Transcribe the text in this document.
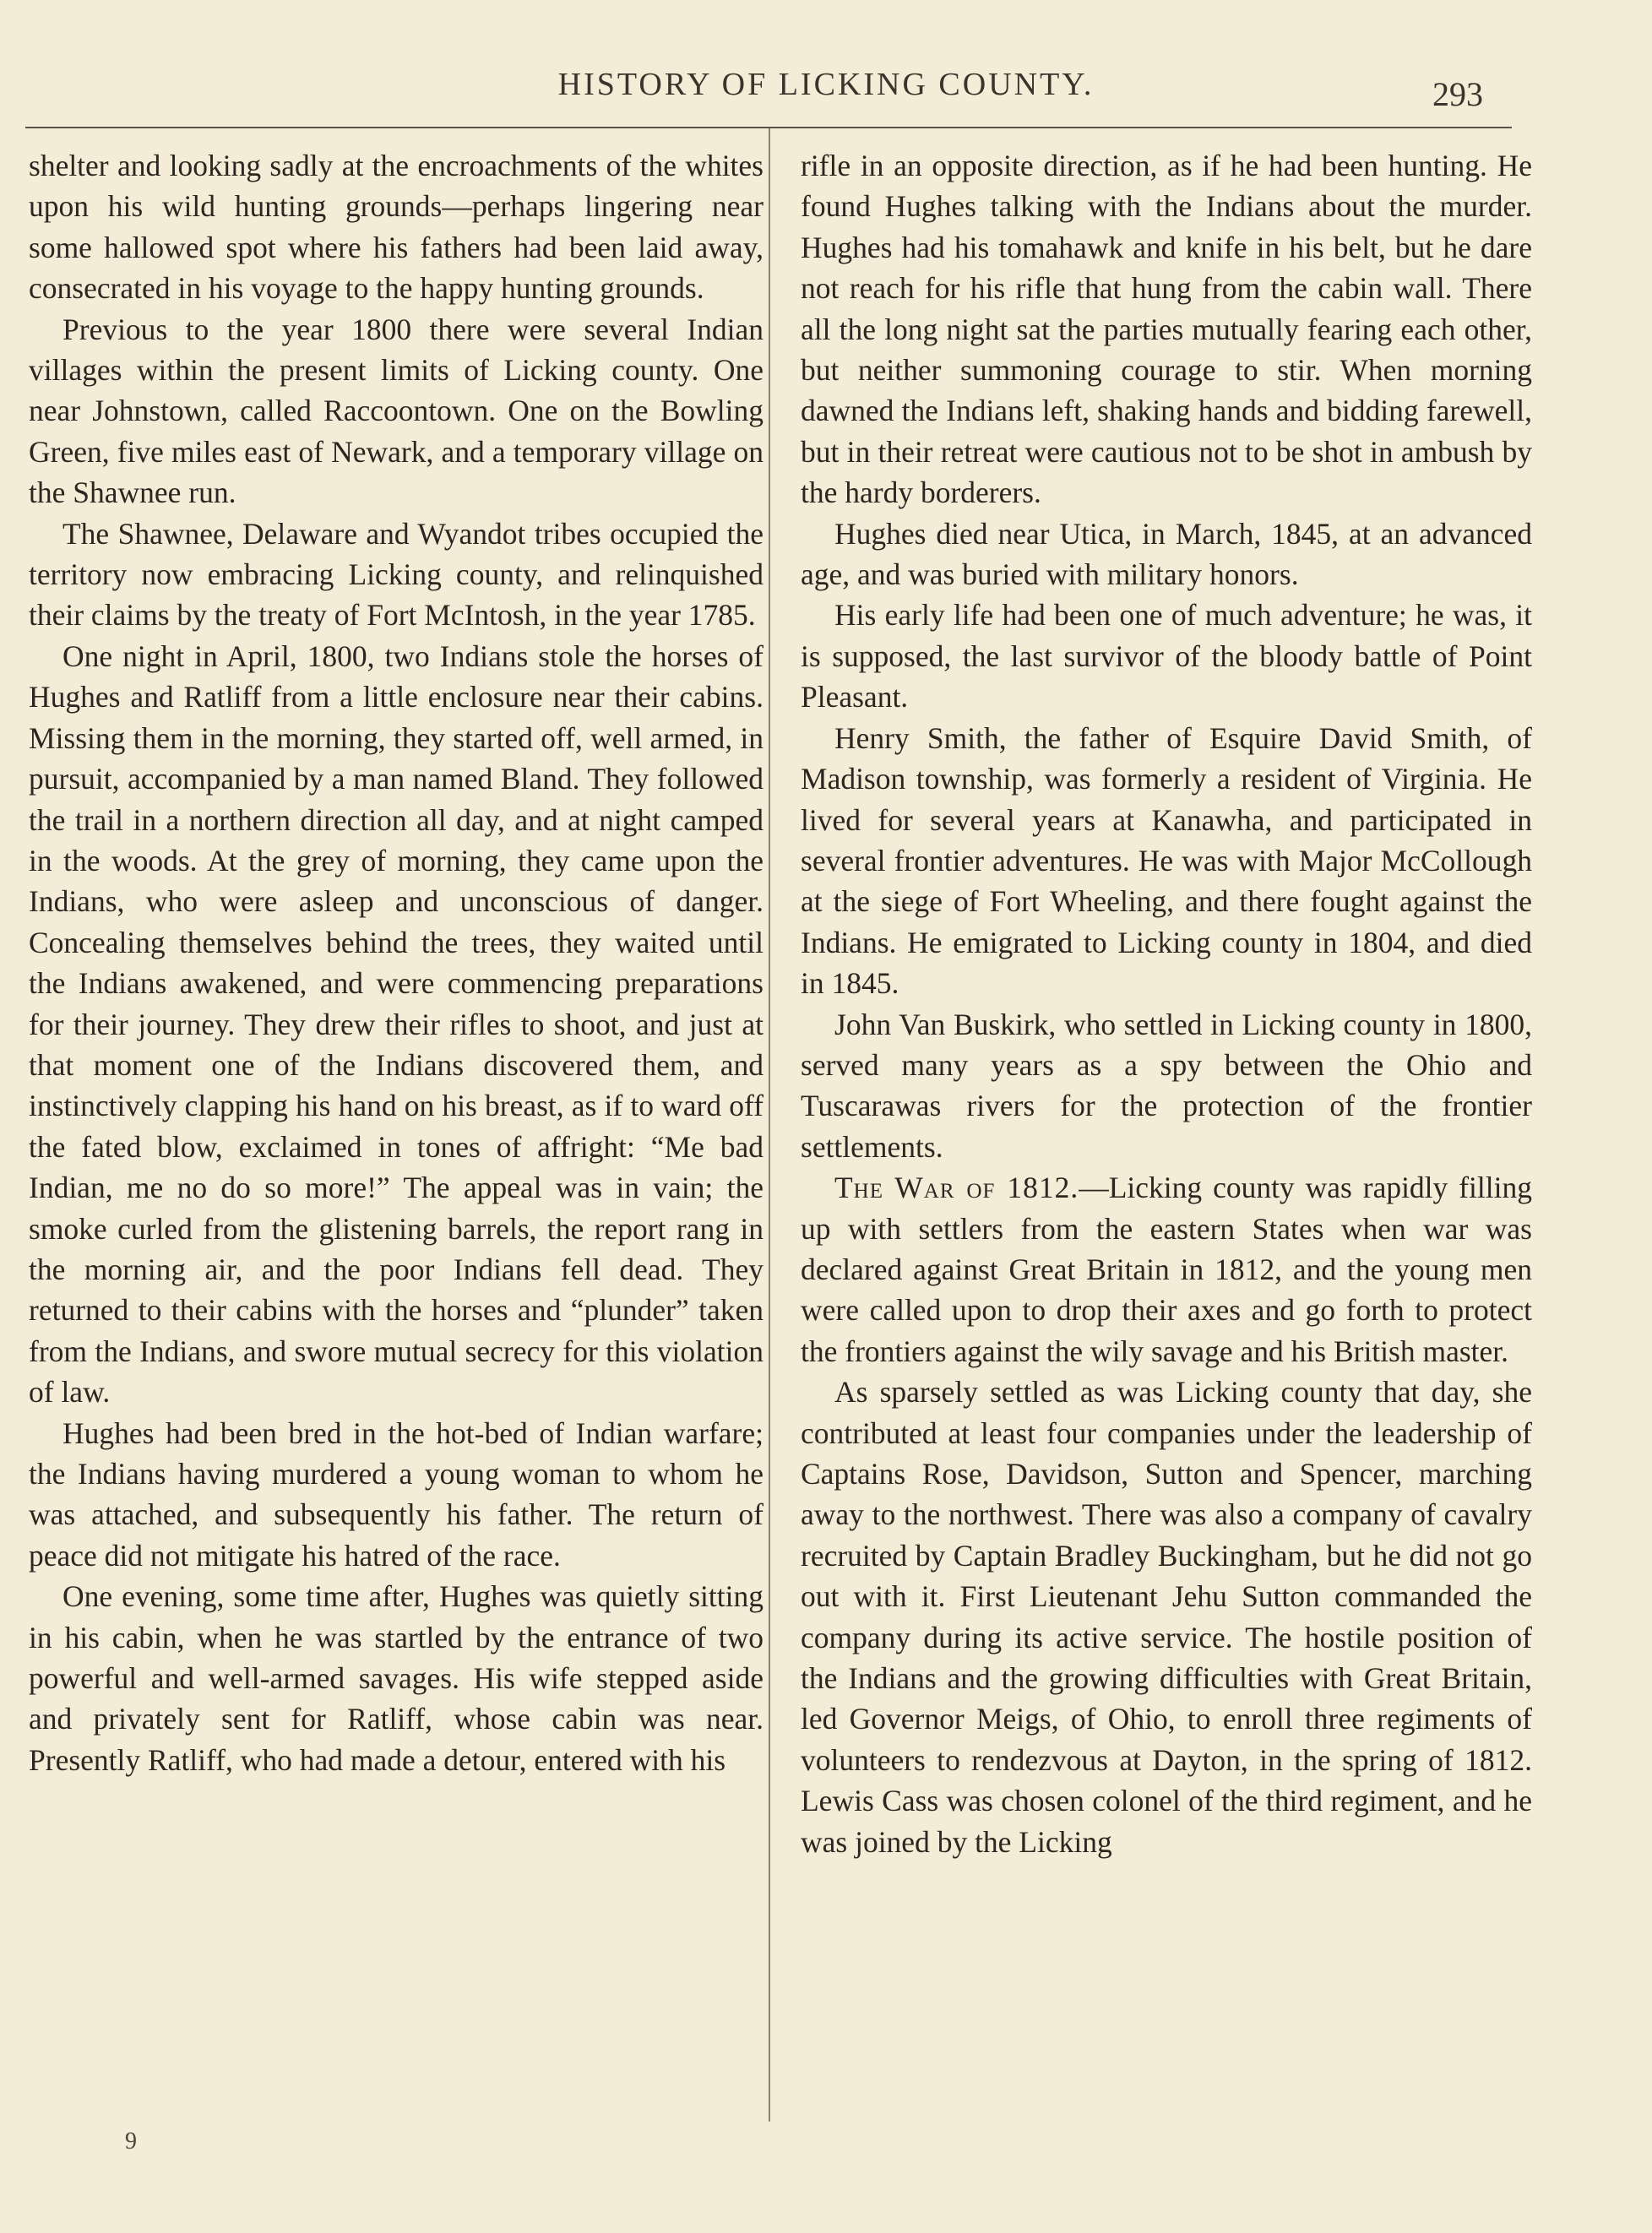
HISTORY OF LICKING COUNTY.	293

shelter and looking sadly at the encroachments of the whites upon his wild hunting grounds—perhaps lingering near some hallowed spot where his fathers had been laid away, consecrated in his voyage to the happy hunting grounds.

Previous to the year 1800 there were several Indian villages within the present limits of Licking county. One near Johnstown, called Raccoontown. One on the Bowling Green, five miles east of Newark, and a temporary village on the Shawnee run.

The Shawnee, Delaware and Wyandot tribes occupied the territory now embracing Licking county, and relinquished their claims by the treaty of Fort McIntosh, in the year 1785.

One night in April, 1800, two Indians stole the horses of Hughes and Ratliff from a little enclosure near their cabins. Missing them in the morning, they started off, well armed, in pursuit, accompanied by a man named Bland. They followed the trail in a northern direction all day, and at night camped in the woods. At the grey of morning, they came upon the Indians, who were asleep and unconscious of danger. Concealing themselves behind the trees, they waited until the Indians awakened, and were commencing preparations for their journey. They drew their rifles to shoot, and just at that moment one of the Indians discovered them, and instinctively clapping his hand on his breast, as if to ward off the fated blow, exclaimed in tones of affright: “Me bad Indian, me no do so more!” The appeal was in vain; the smoke curled from the glistening barrels, the report rang in the morning air, and the poor Indians fell dead. They returned to their cabins with the horses and “plunder” taken from the Indians, and swore mutual secrecy for this violation of law.

Hughes had been bred in the hot-bed of Indian warfare; the Indians having murdered a young woman to whom he was attached, and subsequently his father. The return of peace did not mitigate his hatred of the race.

One evening, some time after, Hughes was quietly sitting in his cabin, when he was startled by the entrance of two powerful and well-armed savages. His wife stepped aside and privately sent for Ratliff, whose cabin was near. Presently Ratliff, who had made a detour, entered with his

rifle in an opposite direction, as if he had been hunting. He found Hughes talking with the Indians about the murder. Hughes had his tomahawk and knife in his belt, but he dare not reach for his rifle that hung from the cabin wall. There all the long night sat the parties mutually fearing each other, but neither summoning courage to stir. When morning dawned the Indians left, shaking hands and bidding farewell, but in their retreat were cautious not to be shot in ambush by the hardy borderers.

Hughes died near Utica, in March, 1845, at an advanced age, and was buried with military honors.

His early life had been one of much adventure; he was, it is supposed, the last survivor of the bloody battle of Point Pleasant.

Henry Smith, the father of Esquire David Smith, of Madison township, was formerly a resident of Virginia. He lived for several years at Kanawha, and participated in several frontier adventures. He was with Major McCollough at the siege of Fort Wheeling, and there fought against the Indians. He emigrated to Licking county in 1804, and died in 1845.

John Van Buskirk, who settled in Licking county in 1800, served many years as a spy between the Ohio and Tuscarawas rivers for the protection of the frontier settlements.

The War of 1812.—Licking county was rapidly filling up with settlers from the eastern States when war was declared against Great Britain in 1812, and the young men were called upon to drop their axes and go forth to protect the frontiers against the wily savage and his British master.

As sparsely settled as was Licking county that day, she contributed at least four companies under the leadership of Captains Rose, Davidson, Sutton and Spencer, marching away to the northwest. There was also a company of cavalry recruited by Captain Bradley Buckingham, but he did not go out with it. First Lieutenant Jehu Sutton commanded the company during its active service. The hostile position of the Indians and the growing difficulties with Great Britain, led Governor Meigs, of Ohio, to enroll three regiments of volunteers to rendezvous at Dayton, in the spring of 1812. Lewis Cass was chosen colonel of the third regiment, and he was joined by the Licking

9
